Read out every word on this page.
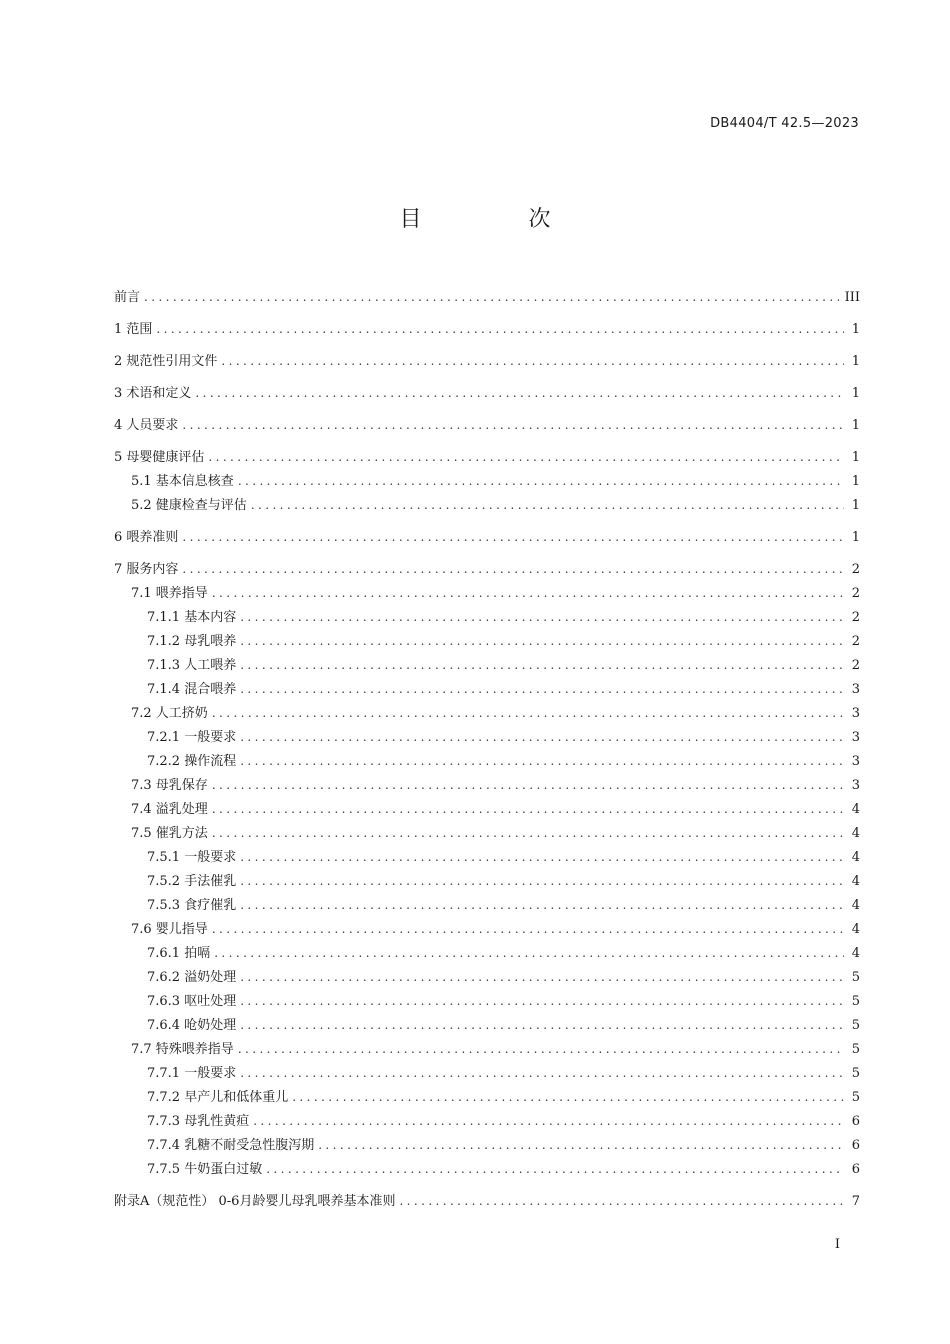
DB4404/T 42.5—2023
目 次
前言 .....	III
1 范围 .....	1
2 规范性引用文件 .....	1
3 术语和定义 .....	1
4 人员要求 .....	1
5 母婴健康评估 .....	1
5.1 基本信息核查 .....	1
5.2 健康检查与评估 .....	1
6 喂养准则 .....	1
7 服务内容 .....	2
7.1 喂养指导 .....	2
7.1.1 基本内容 .....	2
7.1.2 母乳喂养 .....	2
7.1.3 人工喂养 .....	2
7.1.4 混合喂养 .....	3
7.2 人工挤奶 .....	3
7.2.1 一般要求 .....	3
7.2.2 操作流程 .....	3
7.3 母乳保存 .....	3
7.4 溢乳处理 .....	4
7.5 催乳方法 .....	4
7.5.1 一般要求 .....	4
7.5.2 手法催乳 .....	4
7.5.3 食疗催乳 .....	4
7.6 婴儿指导 .....	4
7.6.1 拍嗝 .....	4
7.6.2 溢奶处理 .....	5
7.6.3 呕吐处理 .....	5
7.6.4 呛奶处理 .....	5
7.7 特殊喂养指导 .....	5
7.7.1 一般要求 .....	5
7.7.2 早产儿和低体重儿 .....	5
7.7.3 母乳性黄疸 .....	6
7.7.4 乳糖不耐受急性腹泻期 .....	6
7.7.5 牛奶蛋白过敏 .....	6
附录A（规范性） 0-6月龄婴儿母乳喂养基本准则 .....	7
I
